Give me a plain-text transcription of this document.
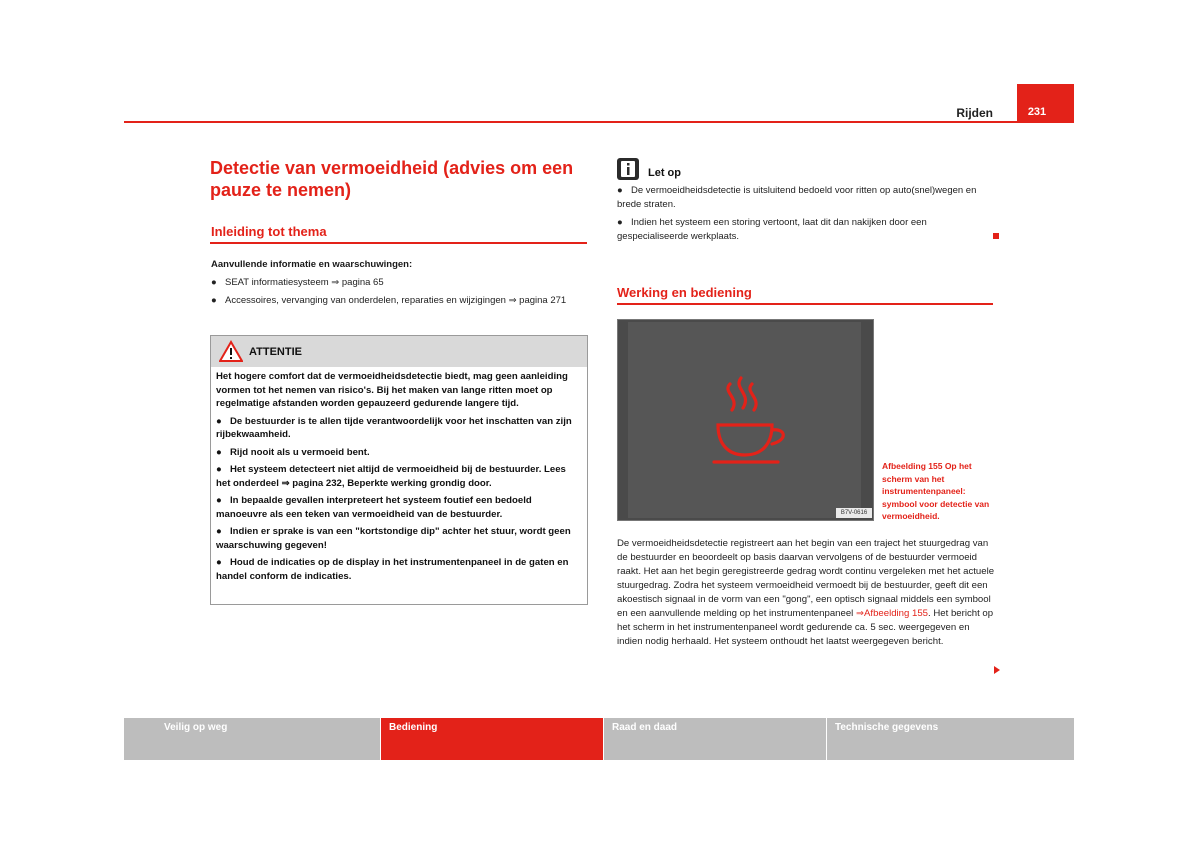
Rijden	231
Detectie van vermoeidheid (advies om een pauze te nemen)
Inleiding tot thema
Aanvullende informatie en waarschuwingen:
● SEAT informatiesysteem ⇒ pagina 65
● Accessoires, vervanging van onderdelen, reparaties en wijzigingen ⇒ pagina 271
ATTENTIE

Het hogere comfort dat de vermoeidheidsdetectie biedt, mag geen aanleiding vormen tot het nemen van risico's. Bij het maken van lange ritten moet op regelmatige afstanden worden gepauzeerd gedurende langere tijd.

● De bestuurder is te allen tijde verantwoordelijk voor het inschatten van zijn rijbekwaamheid.

● Rijd nooit als u vermoeid bent.

● Het systeem detecteert niet altijd de vermoeidheid bij de bestuurder. Lees het onderdeel ⇒ pagina 232, Beperkte werking grondig door.

● In bepaalde gevallen interpreteert het systeem foutief een bedoeld manoeuvre als een teken van vermoeidheid van de bestuurder.

● Indien er sprake is van een "kortstondige dip" achter het stuur, wordt geen waarschuwing gegeven!

● Houd de indicaties op de display in het instrumentenpaneel in de gaten en handel conform de indicaties.

Let op
● De vermoeidheidsdetectie is uitsluitend bedoeld voor ritten op auto(snel)wegen en brede straten.
● Indien het systeem een storing vertoont, laat dit dan nakijken door een gespecialiseerde werkplaats.
Werking en bediening
B7V-0616
Afbeelding 155 Op het scherm van het instrumentenpaneel: symbool voor detectie van vermoeidheid.
De vermoeidheidsdetectie registreert aan het begin van een traject het stuurgedrag van de bestuurder en beoordeelt op basis daarvan vervolgens of de bestuurder vermoeid raakt. Het aan het begin geregistreerde gedrag wordt continu vergeleken met het actuele stuurgedrag. Zodra het systeem vermoeidheid vermoedt bij de bestuurder, geeft dit een akoestisch signaal in de vorm van een "gong", een optisch signaal middels een symbool en een aanvullende melding op het instrumentenpaneel ⇒Afbeelding 155. Het bericht op het scherm in het instrumentenpaneel wordt gedurende ca. 5 sec. weergegeven en indien nodig herhaald. Het systeem onthoudt het laatst weergegeven bericht.
Veilig op weg	Bediening	Raad en daad	Technische gegevens
